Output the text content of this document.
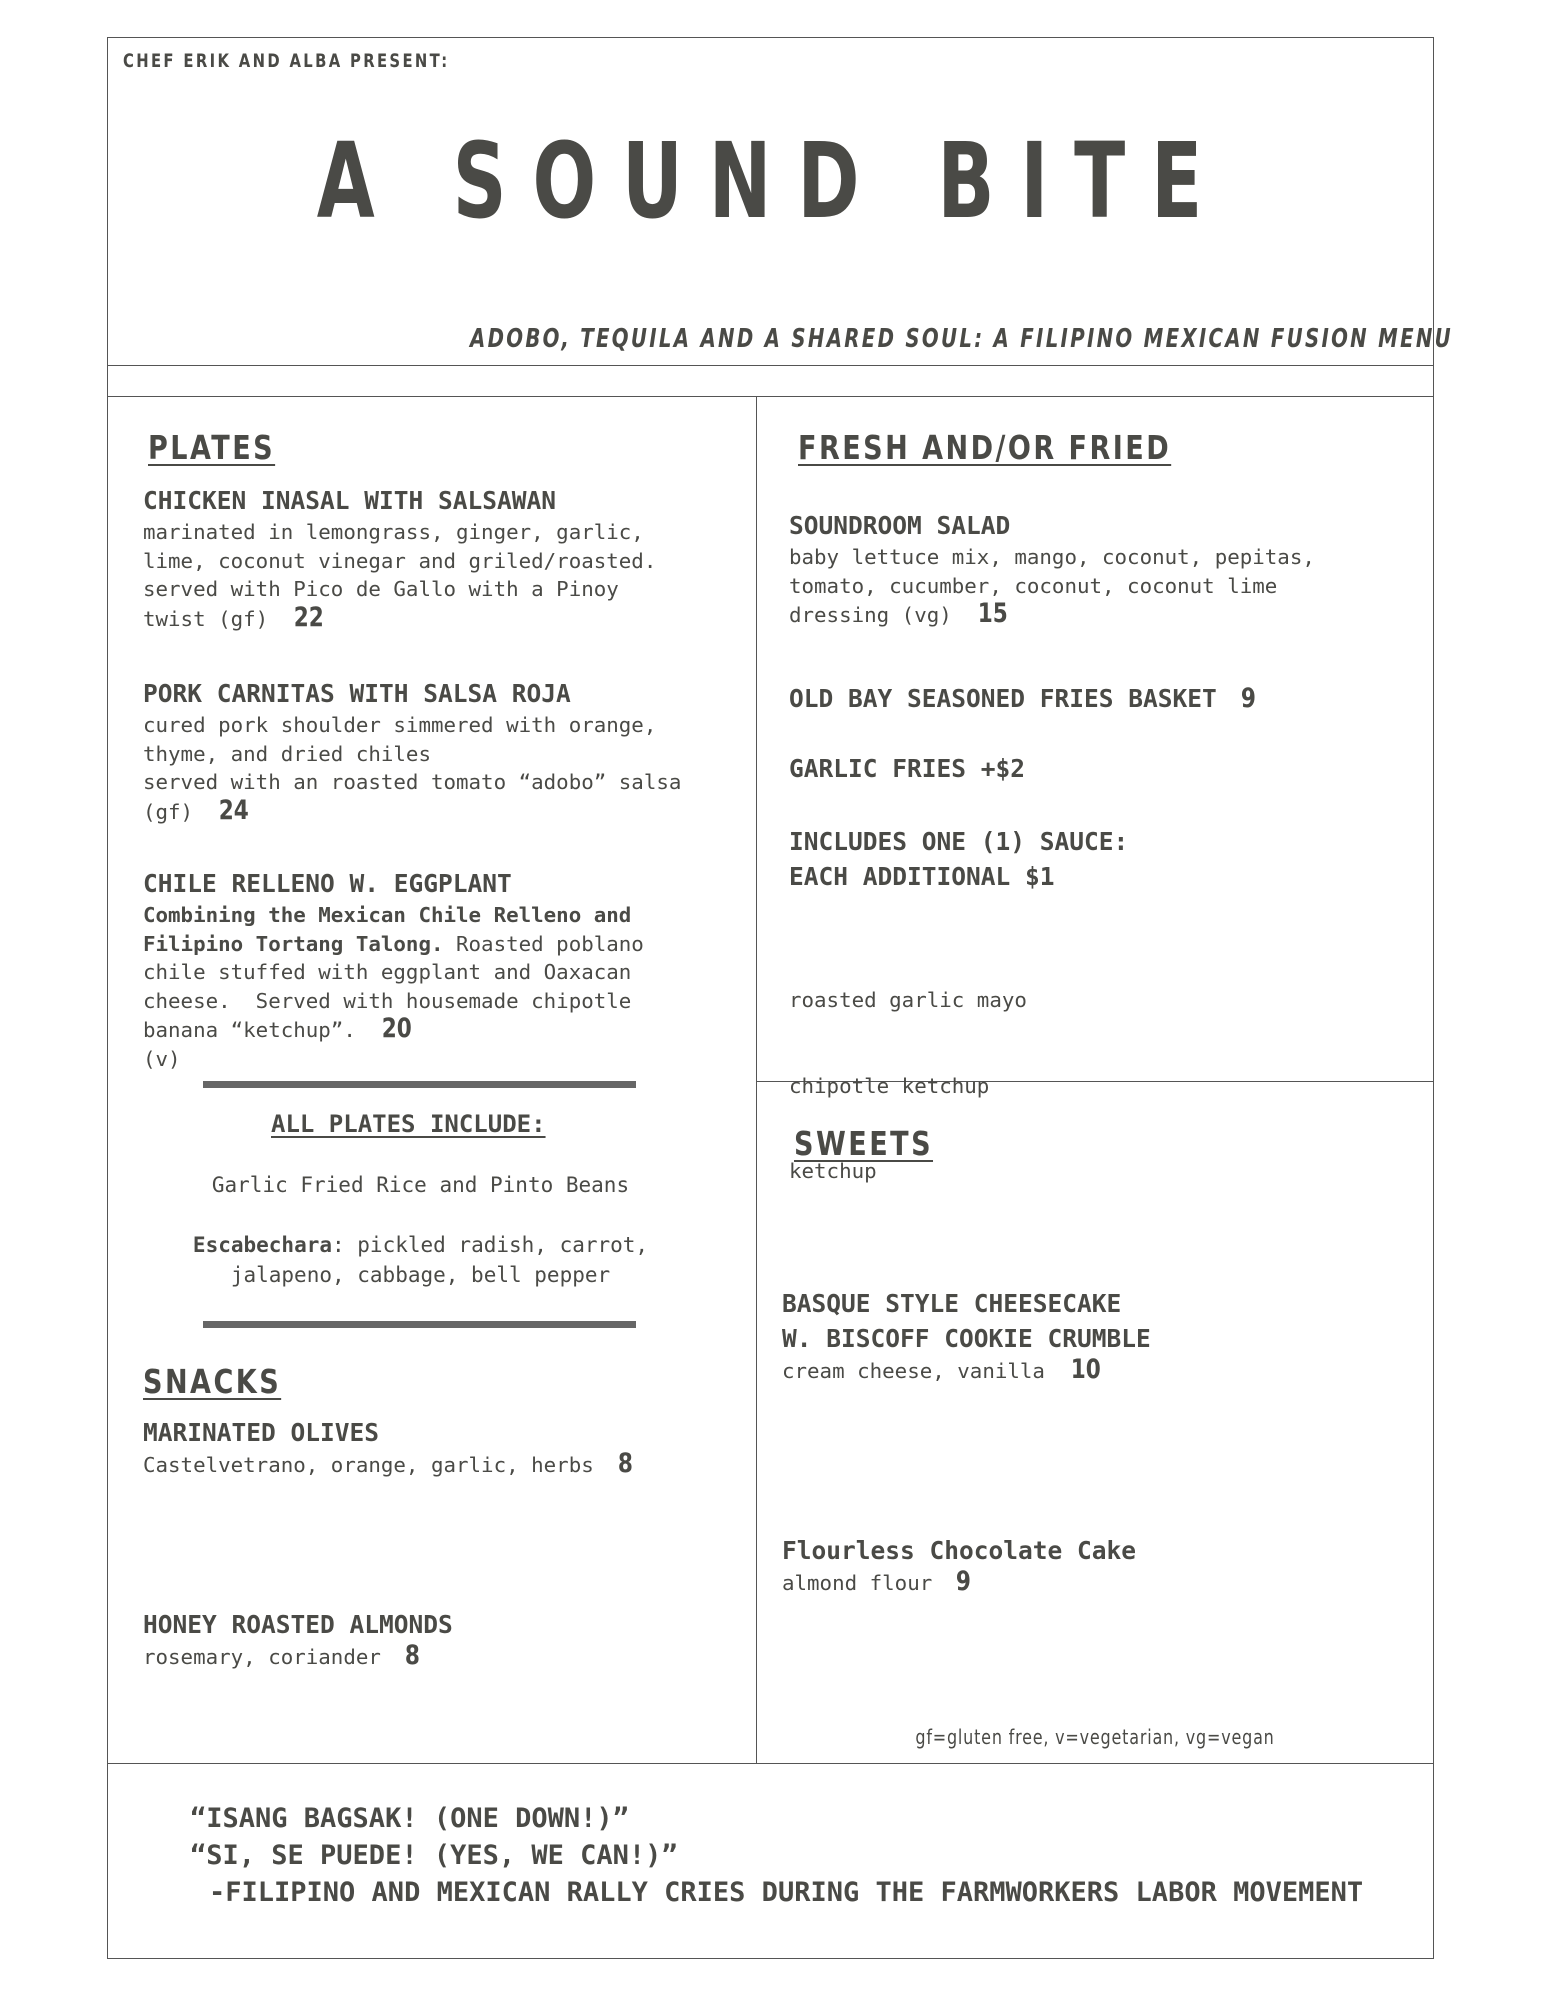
CHEF ERIK AND ALBA PRESENT:
A SOUND BITE
ADOBO, TEQUILA AND A SHARED SOUL: A FILIPINO MEXICAN FUSION MENU
PLATES
CHICKEN INASAL WITH SALSAWAN
marinated in lemongrass, ginger, garlic,
lime, coconut vinegar and griled/roasted.
served with Pico de Gallo with a Pinoy
twist (gf) 22
PORK CARNITAS WITH SALSA ROJA
cured pork shoulder simmered with orange,
thyme, and dried chiles
served with an roasted tomato “adobo” salsa
(gf) 24
CHILE RELLENO W. EGGPLANT
Combining the Mexican Chile Relleno and
Filipino Tortang Talong. Roasted poblano
chile stuffed with eggplant and Oaxacan
cheese.  Served with housemade chipotle
banana “ketchup”. 20
(v)
ALL PLATES INCLUDE:
Garlic Fried Rice and Pinto Beans
Escabechara: pickled radish, carrot,
jalapeno, cabbage, bell pepper
SNACKS
MARINATED OLIVES
Castelvetrano, orange, garlic, herbs 8
HONEY ROASTED ALMONDS
rosemary, coriander 8
FRESH AND/OR FRIED
SOUNDROOM SALAD
baby lettuce mix, mango, coconut, pepitas,
tomato, cucumber, coconut, coconut lime
dressing (vg) 15
OLD BAY SEASONED FRIES BASKET 9
GARLIC FRIES +$2
INCLUDES ONE (1) SAUCE:
EACH ADDITIONAL $1

roasted garlic mayo

chipotle ketchup

ketchup

SWEETS
BASQUE STYLE CHEESECAKE
W. BISCOFF COOKIE CRUMBLE
cream cheese, vanilla 10
Flourless Chocolate Cake
almond flour 9
gf=gluten free, v=vegetarian, vg=vegan
“ISANG BAGSAK! (ONE DOWN!)”
“SI, SE PUEDE! (YES, WE CAN!)”
-FILIPINO AND MEXICAN RALLY CRIES DURING THE FARMWORKERS LABOR MOVEMENT
